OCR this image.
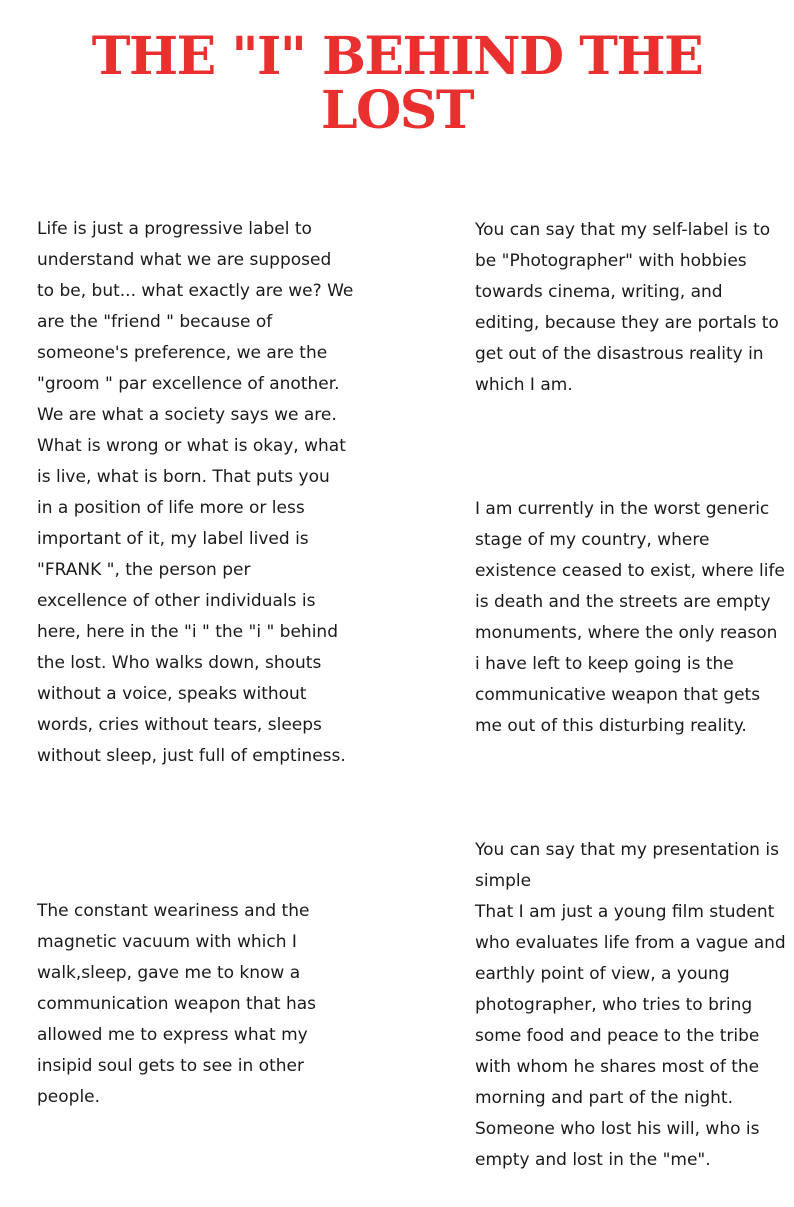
THE "I" BEHIND THE
LOST

Life is just a progressive label to
understand what we are supposed
to be, but... what exactly are we? We
are the "friend " because of
someone's preference, we are the
"groom " par excellence of another.
We are what a society says we are.
What is wrong or what is okay, what
is live, what is born. That puts you
in a position of life more or less
important of it, my label lived is
"FRANK ", the person per
excellence of other individuals is
here, here in the "i " the "i " behind
the lost. Who walks down, shouts
without a voice, speaks without
words, cries without tears, sleeps
without sleep, just full of emptiness.

The constant weariness and the
magnetic vacuum with which I
walk,sleep, gave me to know a
communication weapon that has
allowed me to express what my
insipid soul gets to see in other
people.

You can say that my self-label is to
be "Photographer" with hobbies
towards cinema, writing, and
editing, because they are portals to
get out of the disastrous reality in
which I am.

I am currently in the worst generic
stage of my country, where
existence ceased to exist, where life
is death and the streets are empty
monuments, where the only reason
i have left to keep going is the
communicative weapon that gets
me out of this disturbing reality.

You can say that my presentation is
simple
That I am just a young film student
who evaluates life from a vague and
earthly point of view, a young
photographer, who tries to bring
some food and peace to the tribe
with whom he shares most of the
morning and part of the night.
Someone who lost his will, who is
empty and lost in the "me".
